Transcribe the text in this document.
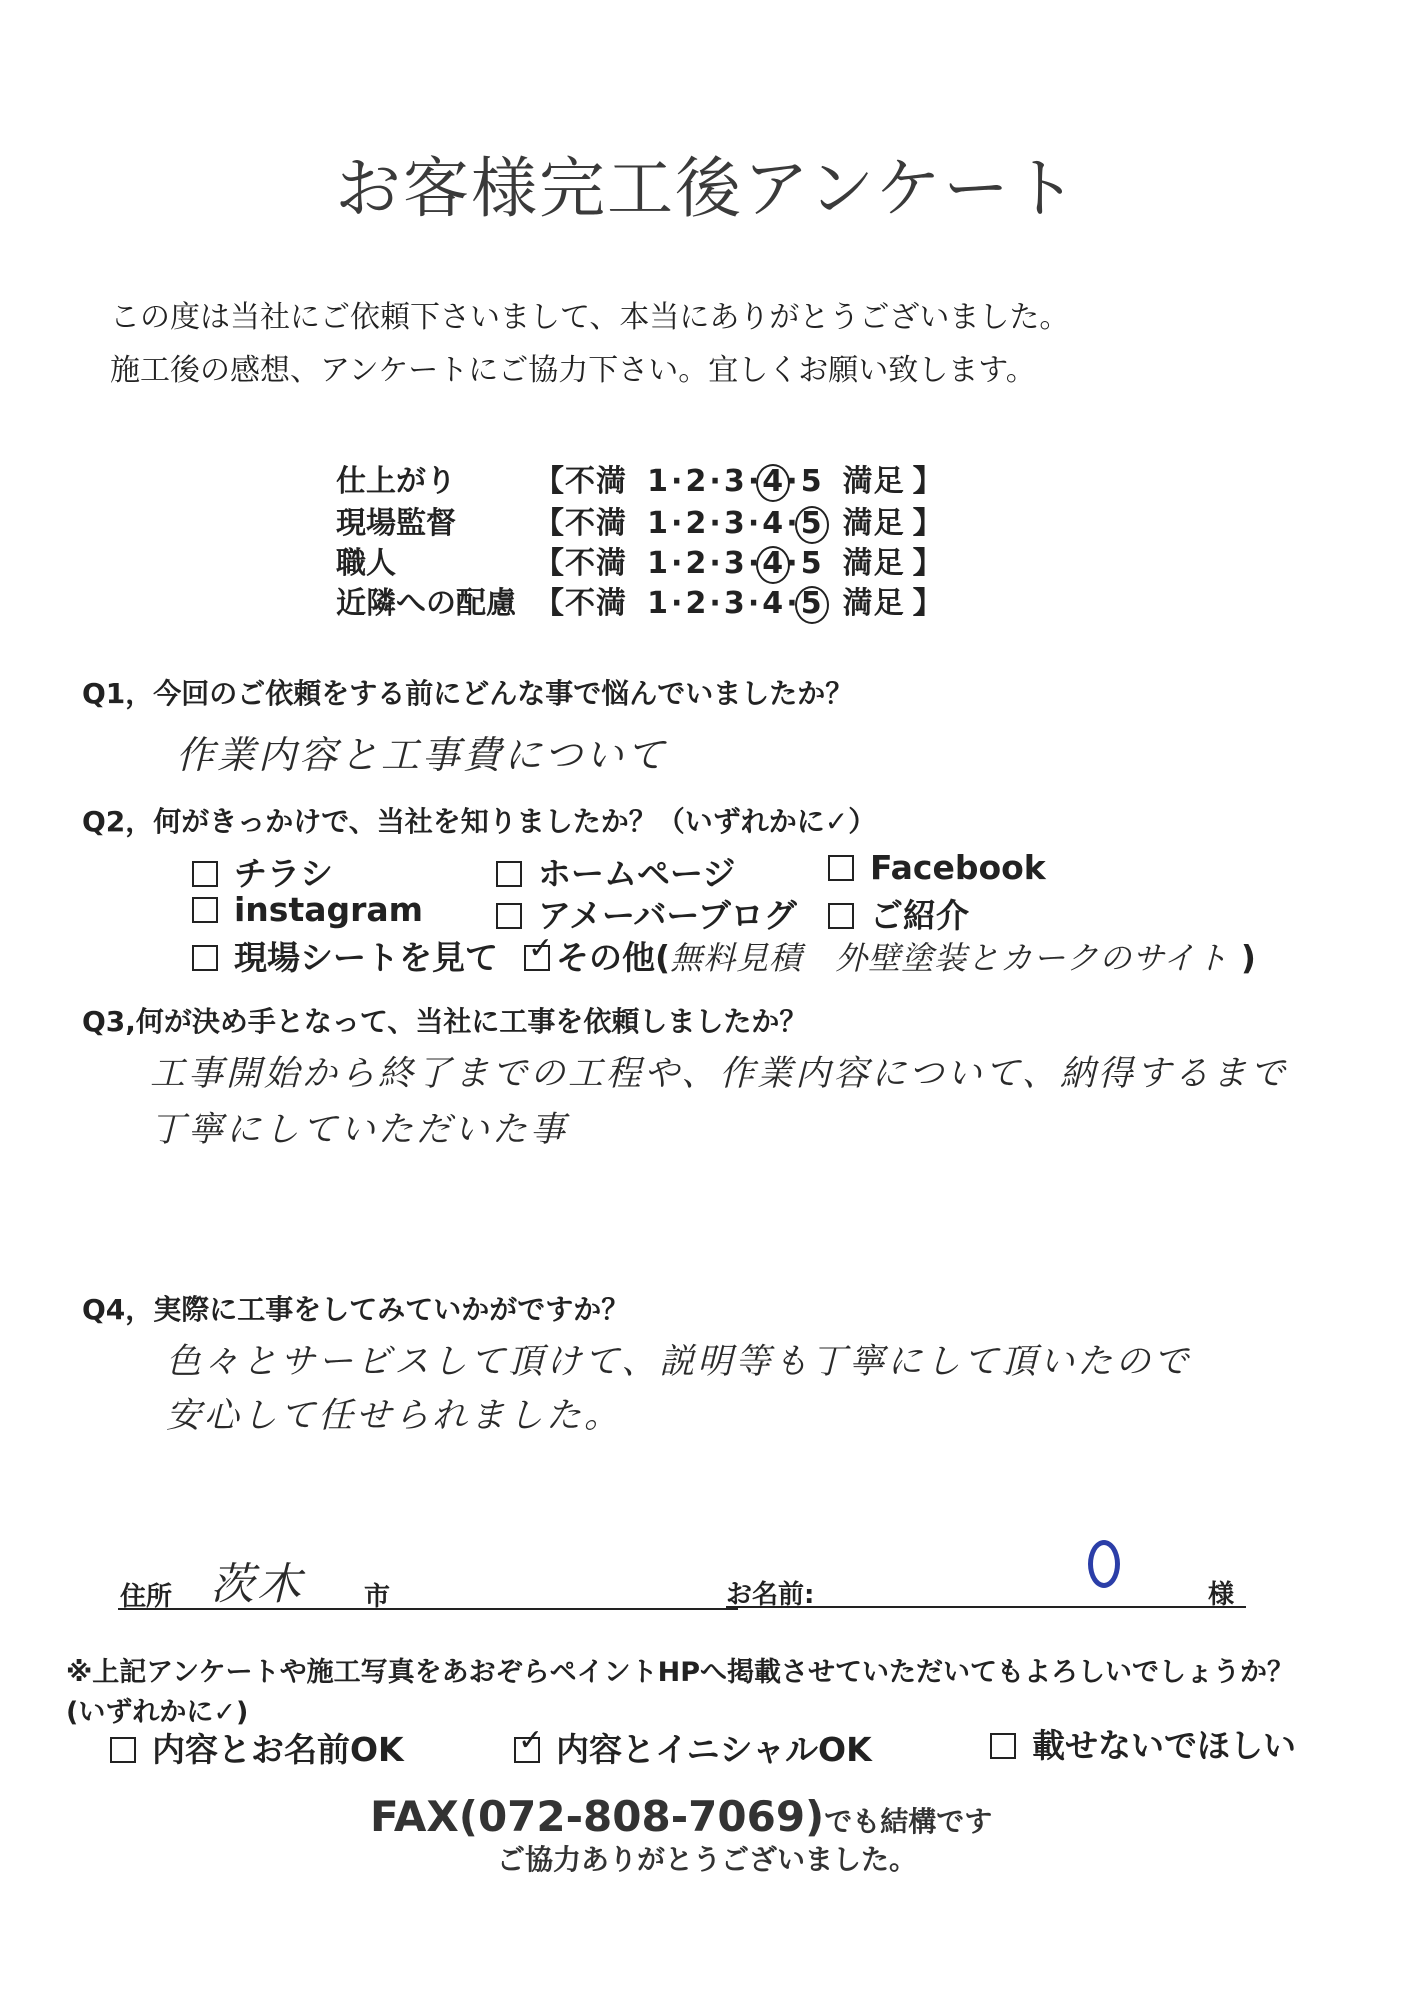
お客様完工後アンケート
この度は当社にご依頼下さいまして、本当にありがとうございました。
施工後の感想、アンケートにご協力下さい。宜しくお願い致します。
仕上がり	【不満 1·2·3·4·5 満足 】
現場監督	【不満 1·2·3·4·5 満足 】
職人	【不満 1·2·3·4·5 満足 】
近隣への配慮 【不満 1·2·3·4·5 満足 】
Q1，今回のご依頼をする前にどんな事で悩んでいましたか？
作業内容と工事費について
Q2，何がきっかけで、当社を知りましたか？（いずれかに✓）
チラシ	ホームページ	Facebook
instagram	アメーバーブログ	ご紹介
現場シートを見て ✓	その他(無料見積　外壁塗装とカークのサイト )
Q3,何が決め手となって、当社に工事を依頼しましたか？
工事開始から終了までの工程や、作業内容について、納得するまで
丁寧にしていただいた事
Q4，実際に工事をしてみていかがですか？
色々とサービスして頂けて、説明等も丁寧にして頂いたので
安心して任せられました。
住所 茨木 市	お名前:	様
※上記アンケートや施工写真をあおぞらペイントHPへ掲載させていただいてもよろしいでしょうか？
(いずれかに✓)
内容とお名前OK ✓	内容とイニシャルOK	載せないでほしい
FAX(072-808-7069)でも結構です
ご協力ありがとうございました。
